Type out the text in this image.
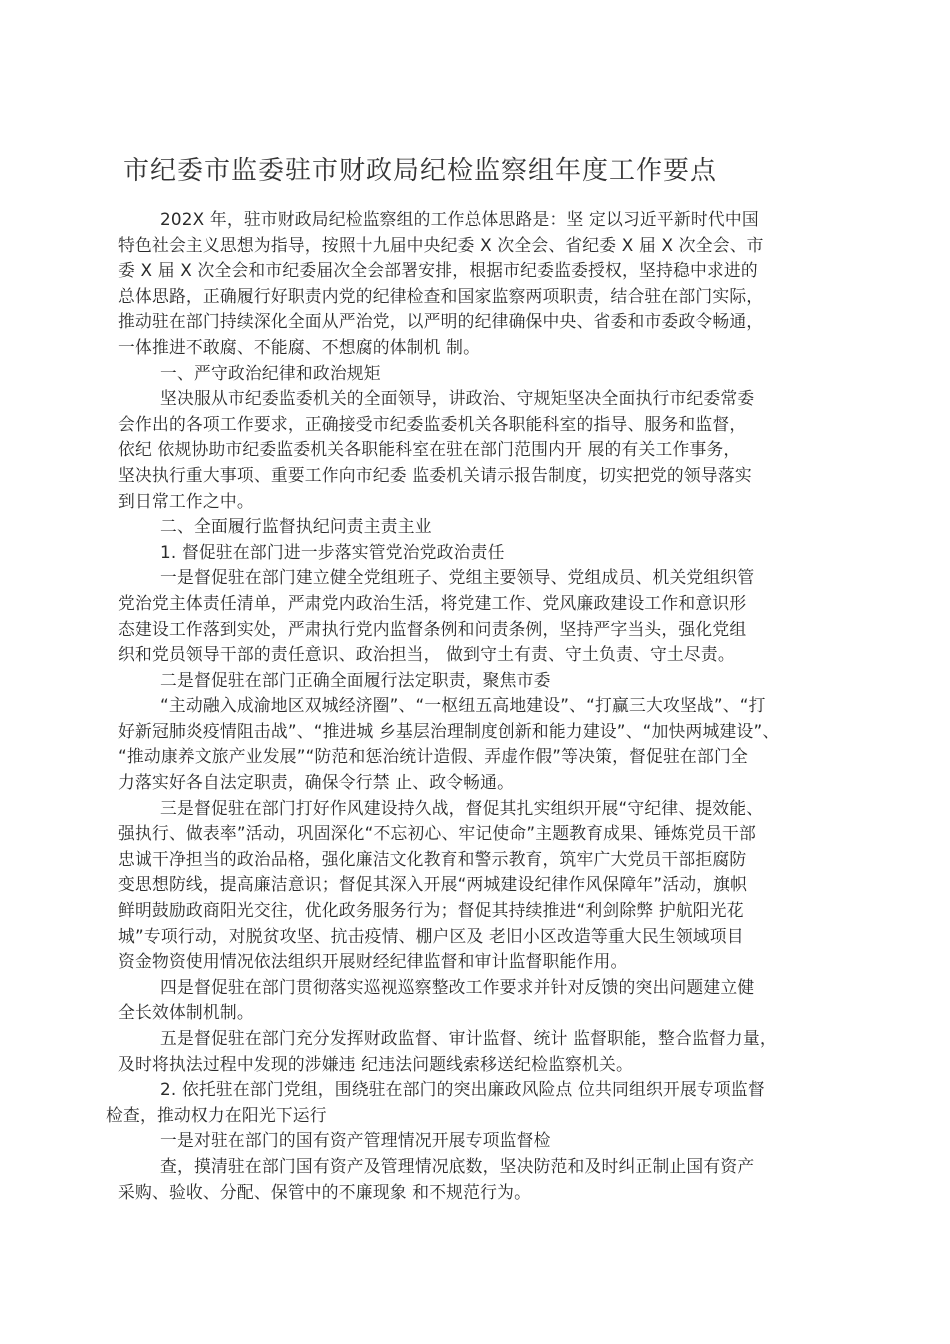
市纪委市监委驻市财政局纪检监察组年度工作要点
202X 年，驻市财政局纪检监察组的工作总体思路是：坚 定以习近平新时代中国
特色社会主义思想为指导，按照十九届中央纪委 X 次全会、省纪委 X 届 X 次全会、市
委 X 届 X 次全会和市纪委届次全会部署安排，根据市纪委监委授权，坚持稳中求进的
总体思路，正确履行好职责内党的纪律检查和国家监察两项职责，结合驻在部门实际，
推动驻在部门持续深化全面从严治党，以严明的纪律确保中央、省委和市委政令畅通，
一体推进不敢腐、不能腐、不想腐的体制机 制。
一、严守政治纪律和政治规矩
坚决服从市纪委监委机关的全面领导，讲政治、守规矩坚决全面执行市纪委常委
会作出的各项工作要求，正确接受市纪委监委机关各职能科室的指导、服务和监督，
依纪 依规协助市纪委监委机关各职能科室在驻在部门范围内开 展的有关工作事务，
坚决执行重大事项、重要工作向市纪委 监委机关请示报告制度，切实把党的领导落实
到日常工作之中。
二、全面履行监督执纪问责主责主业
1. 督促驻在部门进一步落实管党治党政治责任
一是督促驻在部门建立健全党组班子、党组主要领导、党组成员、机关党组织管
党治党主体责任清单，严肃党内政治生活，将党建工作、党风廉政建设工作和意识形
态建设工作落到实处，严肃执行党内监督条例和问责条例，坚持严字当头，强化党组
织和党员领导干部的责任意识、政治担当， 做到守土有责、守土负责、守土尽责。
二是督促驻在部门正确全面履行法定职责，聚焦市委
“主动融入成渝地区双城经济圈”、“一枢纽五高地建设”、“打赢三大攻坚战”、“打
好新冠肺炎疫情阻击战”、“推进城 乡基层治理制度创新和能力建设”、“加快两城建设”、
“推动康养文旅产业发展”“防范和惩治统计造假、弄虚作假”等决策，督促驻在部门全
力落实好各自法定职责，确保令行禁 止、政令畅通。
三是督促驻在部门打好作风建设持久战，督促其扎实组织开展“守纪律、提效能、
强执行、做表率”活动，巩固深化“不忘初心、牢记使命”主题教育成果、锤炼党员干部
忠诚干净担当的政治品格，强化廉洁文化教育和警示教育，筑牢广大党员干部拒腐防
变思想防线，提高廉洁意识；督促其深入开展“两城建设纪律作风保障年”活动，旗帜
鲜明鼓励政商阳光交往，优化政务服务行为；督促其持续推进“利剑除弊 护航阳光花
城”专项行动，对脱贫攻坚、抗击疫情、棚户区及 老旧小区改造等重大民生领域项目
资金物资使用情况依法组织开展财经纪律监督和审计监督职能作用。
四是督促驻在部门贯彻落实巡视巡察整改工作要求并针对反馈的突出问题建立健
全长效体制机制。
五是督促驻在部门充分发挥财政监督、审计监督、统计 监督职能，整合监督力量，
及时将执法过程中发现的涉嫌违 纪违法问题线索移送纪检监察机关。
2. 依托驻在部门党组，围绕驻在部门的突出廉政风险点 位共同组织开展专项监督
检查，推动权力在阳光下运行
一是对驻在部门的国有资产管理情况开展专项监督检
查，摸清驻在部门国有资产及管理情况底数，坚决防范和及时纠正制止国有资产
采购、验收、分配、保管中的不廉现象 和不规范行为。
